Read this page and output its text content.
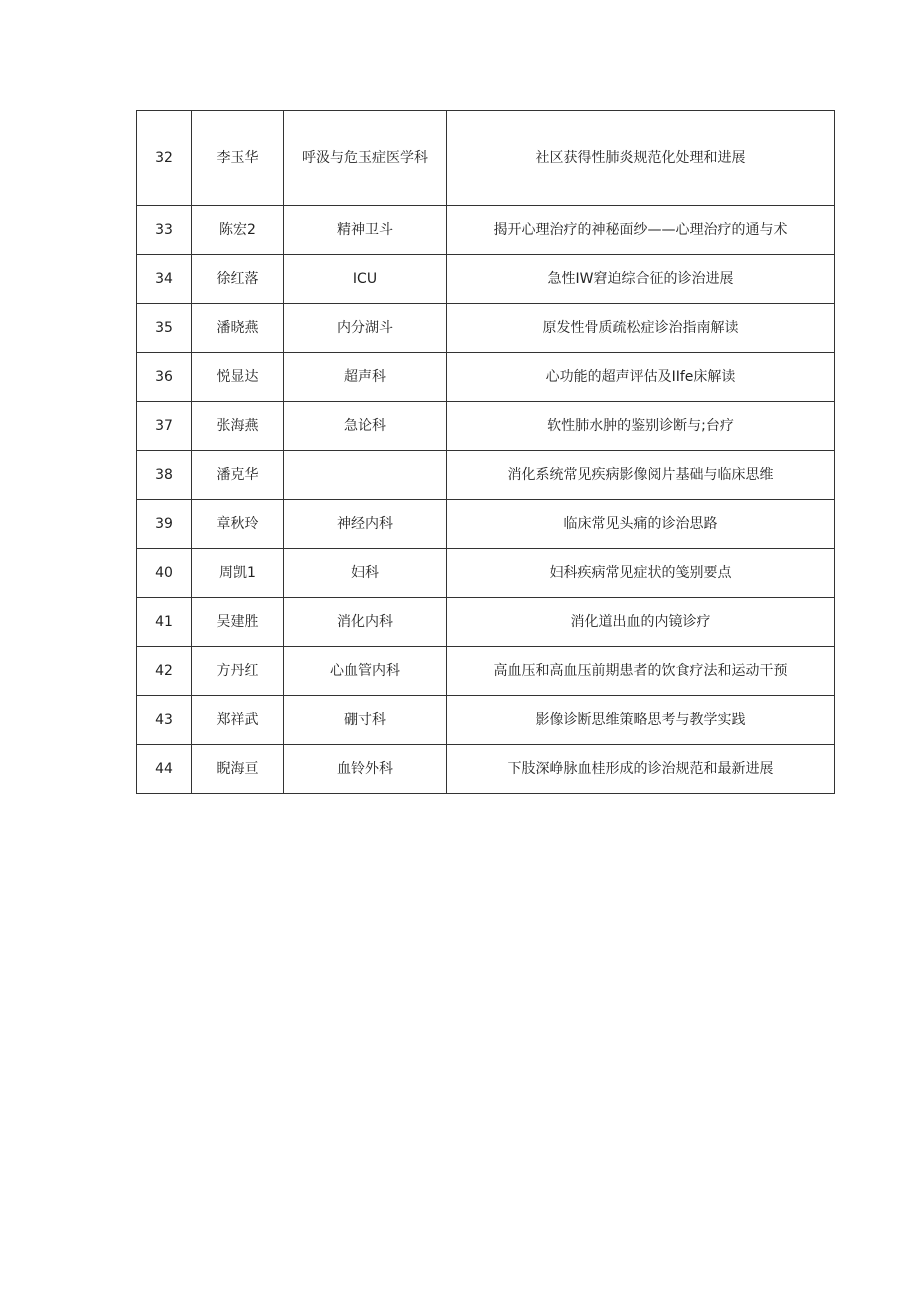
32	李玉华	呼汲与危玉症医学科	社区获得性肺炎规范化处理和进展
33	陈宏2	精神卫斗	揭开心理治疗的神秘面纱——心理治疗的通与术
34	徐红落	ICU	急性IW窘迫综合征的诊治进展
35	潘晓燕	内分湖斗	原发性骨质疏松症诊治指南解读
36	悦显达	超声科	心功能的超声评估及IIfe床解读
37	张海燕	急论科	软性肺水肿的鉴别诊断与;台疗
38	潘克华		消化系统常见疾病影像阅片基础与临床思维
39	章秋玲	神经内科	临床常见头痛的诊治思路
40	周凯1	妇科	妇科疾病常见症状的笺别要点
41	吴建胜	消化内科	消化道出血的内镜诊疗
42	方丹红	心血管内科	高血压和高血压前期患者的饮食疗法和运动干预
43	郑祥武	硼寸科	影像诊断思维策略思考与教学实践
44	睨海亘	血铃外科	下肢深峥脉血桂形成的诊治规范和最新进展
